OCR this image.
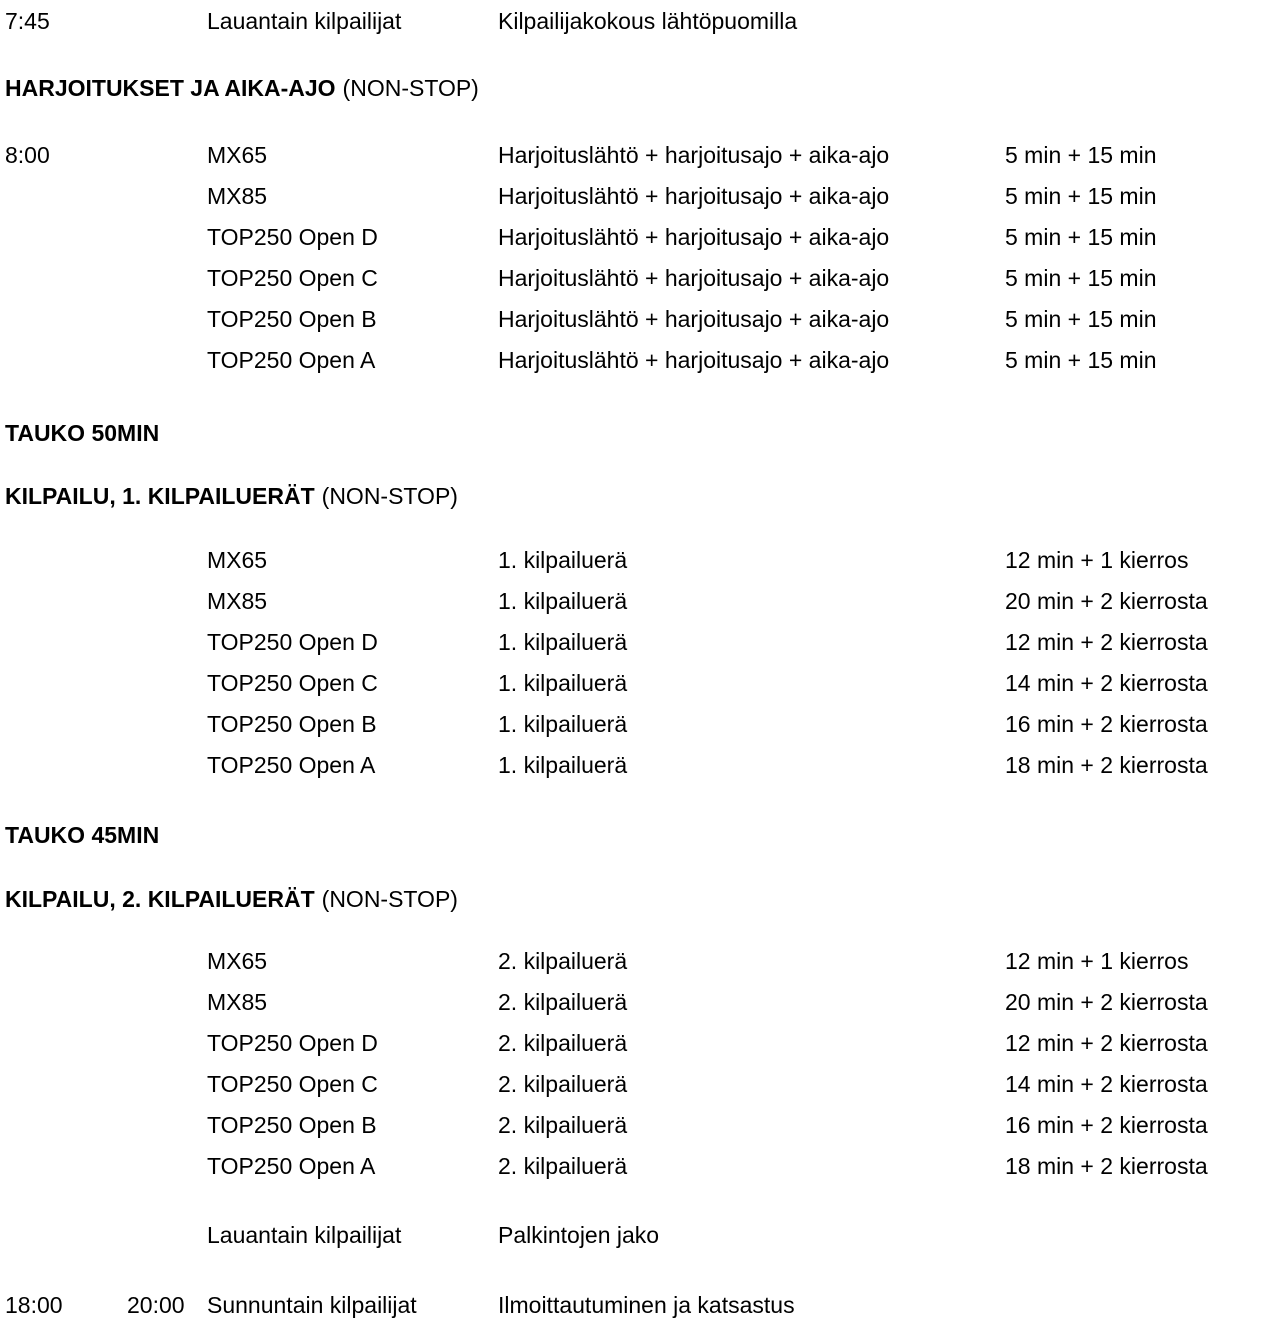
7:45	Lauantain kilpailijat	Kilpailijakokous lähtöpuomilla
HARJOITUKSET JA AIKA-AJO (NON-STOP)
8:00	MX65	Harjoituslähtö + harjoitusajo + aika-ajo	5 min + 15 min
MX85	Harjoituslähtö + harjoitusajo + aika-ajo	5 min + 15 min
TOP250 Open D	Harjoituslähtö + harjoitusajo + aika-ajo	5 min + 15 min
TOP250 Open C	Harjoituslähtö + harjoitusajo + aika-ajo	5 min + 15 min
TOP250 Open B	Harjoituslähtö + harjoitusajo + aika-ajo	5 min + 15 min
TOP250 Open A	Harjoituslähtö + harjoitusajo + aika-ajo	5 min + 15 min
TAUKO 50MIN
KILPAILU, 1. KILPAILUERÄT (NON-STOP)
MX65	1. kilpailuerä	12 min + 1 kierros
MX85	1. kilpailuerä	20 min + 2 kierrosta
TOP250 Open D	1. kilpailuerä	12 min + 2 kierrosta
TOP250 Open C	1. kilpailuerä	14 min + 2 kierrosta
TOP250 Open B	1. kilpailuerä	16 min + 2 kierrosta
TOP250 Open A	1. kilpailuerä	18 min + 2 kierrosta
TAUKO 45MIN
KILPAILU, 2. KILPAILUERÄT (NON-STOP)
MX65	2. kilpailuerä	12 min + 1 kierros
MX85	2. kilpailuerä	20 min + 2 kierrosta
TOP250 Open D	2. kilpailuerä	12 min + 2 kierrosta
TOP250 Open C	2. kilpailuerä	14 min + 2 kierrosta
TOP250 Open B	2. kilpailuerä	16 min + 2 kierrosta
TOP250 Open A	2. kilpailuerä	18 min + 2 kierrosta
Lauantain kilpailijat	Palkintojen jako
18:00	20:00 Sunnuntain kilpailijat	Ilmoittautuminen ja katsastus
